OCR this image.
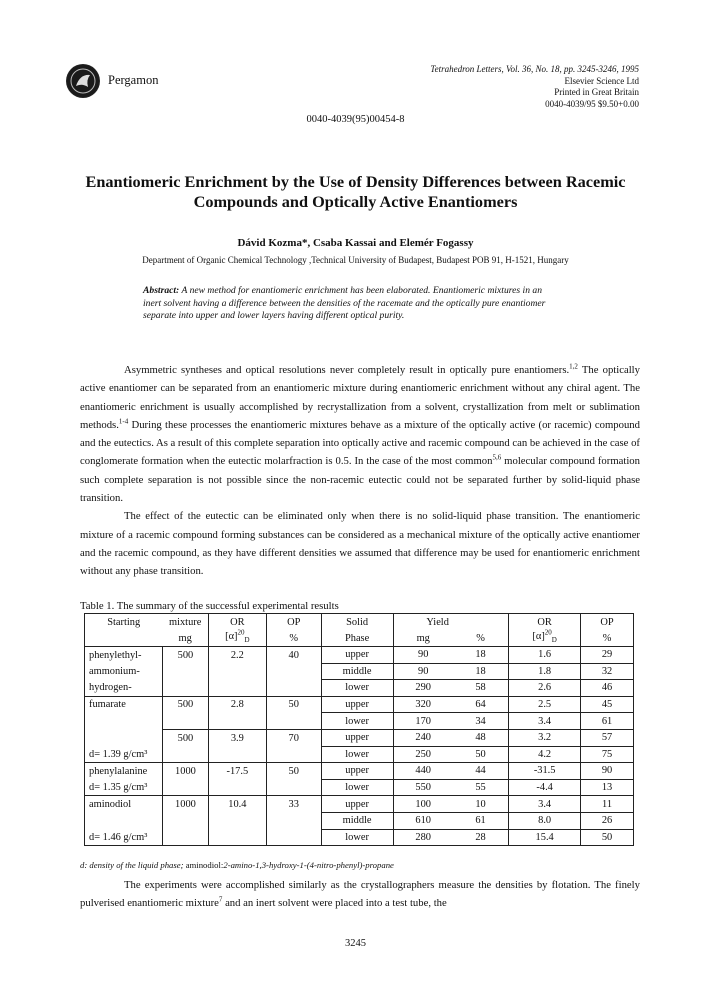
Pergamon
Tetrahedron Letters, Vol. 36, No. 18, pp. 3245-3246, 1995
Elsevier Science Ltd
Printed in Great Britain
0040-4039/95 $9.50+0.00
0040-4039(95)00454-8
Enantiomeric Enrichment by the Use of Density Differences between Racemic Compounds and Optically Active Enantiomers
Dávid Kozma*, Csaba Kassai and Elemér Fogassy
Department of Organic Chemical Technology ,Technical University of Budapest, Budapest POB 91, H-1521, Hungary
Abstract: A new method for enantiomeric enrichment has been elaborated. Enantiomeric mixtures in an inert solvent having a difference between the densities of the racemate and the optically pure enantiomer separate into upper and lower layers having different optical purity.

Asymmetric syntheses and optical resolutions never completely result in optically pure enantiomers.$^{1,2}$ The optically active enantiomer can be separated from an enantiomeric mixture during enantiomeric enrichment without any chiral agent. The enantiomeric enrichment is usually accomplished by recrystallization from a solvent, crystallization from melt or sublimation methods.$^{1-4}$ During these processes the enantiomeric mixtures behave as a mixture of the optically active (or racemic) compound and the eutectics. As a result of this complete separation into optically active and racemic compound can be achieved in the case of conglomerate formation when the eutectic molarfraction is 0.5. In the case of the most common$^{5,6}$ molecular compound formation such complete separation is not possible since the non-racemic eutectic could not be separated further by solid-liquid phase transition.

The effect of the eutectic can be eliminated only when there is no solid-liquid phase transition. The enantiomeric mixture of a racemic compound forming substances can be considered as a mechanical mixture of the optically active enantiomer and the racemic compound, as they have different densities we assumed that difference may be used for enantiomeric enrichment without any phase transition.

Table 1. The summary of the successful experimental results
Starting	mixture	OR	OP	Solid	Yield		OR	OP
	mg	$[\alpha]^{20}_D$	%	Phase	mg	%	$[\alpha]^{20}_D$	%
phenylethyl-	500	2.2	40	upper	90	18	1.6	29
ammonium-				middle	90	18	1.8	32
hydrogen-				lower	290	58	2.6	46
fumarate	500	2.8	50	upper	320	64	2.5	45
				lower	170	34	3.4	61
	500	3.9	70	upper	240	48	3.2	57
d= 1.39 g/cm³				lower	250	50	4.2	75
phenylalanine	1000	-17.5	50	upper	440	44	-31.5	90
d= 1.35 g/cm³				lower	550	55	-4.4	13
aminodiol	1000	10.4	33	upper	100	10	3.4	11
				middle	610	61	8.0	26
d= 1.46 g/cm³				lower	280	28	15.4	50
d: density of the liquid phase; aminodiol:2-amino-1,3-hydroxy-1-(4-nitro-phenyl)-propane

The experiments were accomplished similarly as the crystallographers measure the densities by flotation. The finely pulverised enantiomeric mixture$^7$ and an inert solvent were placed into a test tube, the

3245
